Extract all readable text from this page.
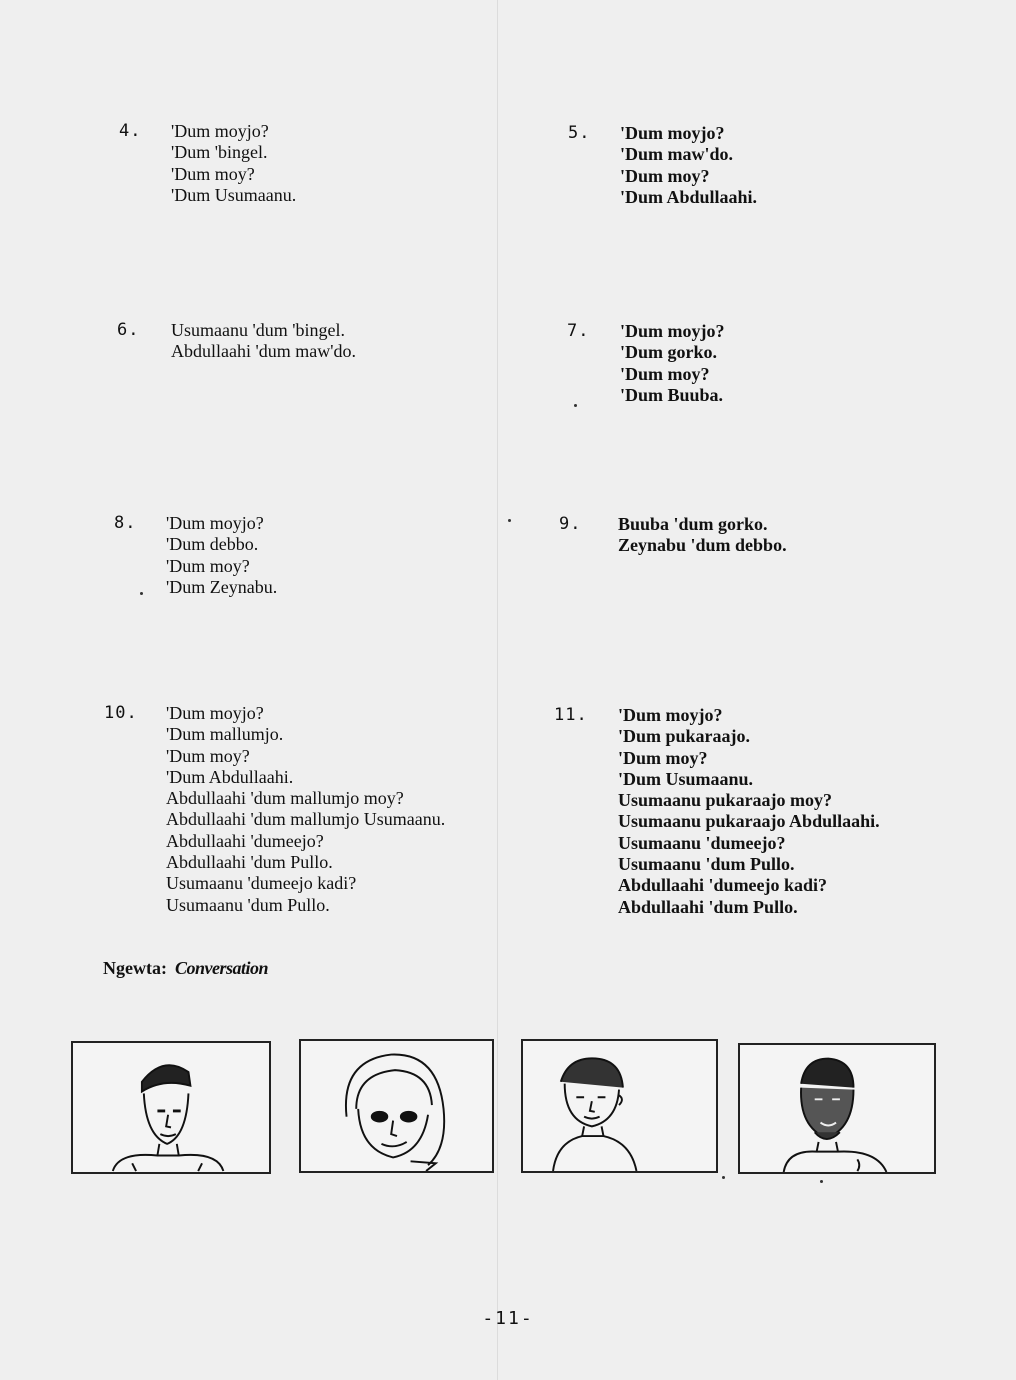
4. 'Dum moyjo?
'Dum 'bingel.
'Dum moy?
'Dum Usumaanu.
5. 'Dum moyjo?
'Dum maw'do.
'Dum moy?
'Dum Abdullaahi.
6. Usumaanu 'dum 'bingel.
Abdullaahi 'dum maw'do.
7. 'Dum moyjo?
'Dum gorko.
'Dum moy?
'Dum Buuba.
8. 'Dum moyjo?
'Dum debbo.
'Dum moy?
'Dum Zeynabu.
9. Buuba 'dum gorko.
Zeynabu 'dum debbo.
10. 'Dum moyjo?
'Dum mallumjo.
'Dum moy?
'Dum Abdullaahi.
Abdullaahi 'dum mallumjo moy?
Abdullaahi 'dum mallumjo Usumaanu.
Abdullaahi 'dumeejo?
Abdullaahi 'dum Pullo.
Usumaanu 'dumeejo kadi?
Usumaanu 'dum Pullo.
11. 'Dum moyjo?
'Dum pukaraajo.
'Dum moy?
'Dum Usumaanu.
Usumaanu pukaraajo moy?
Usumaanu pukaraajo Abdullaahi.
Usumaanu 'dumeejo?
Usumaanu 'dum Pullo.
Abdullaahi 'dumeejo kadi?
Abdullaahi 'dum Pullo.
Ngewta: Conversation
-11-
